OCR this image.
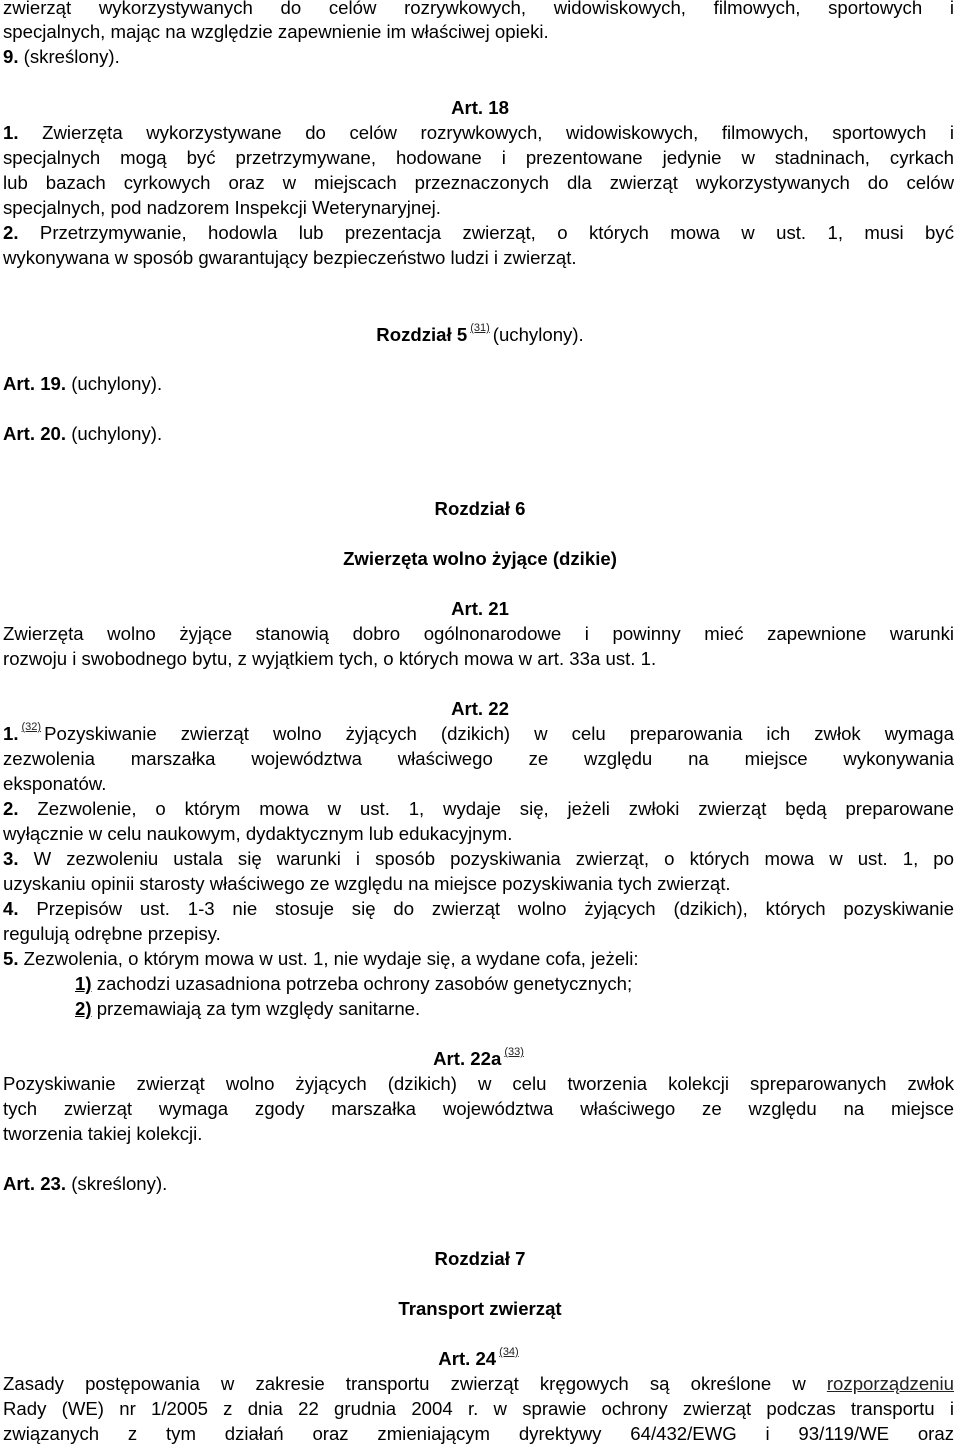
zwierząt wykorzystywanych do celów rozrywkowych, widowiskowych, filmowych, sportowych i
specjalnych, mając na względzie zapewnienie im właściwej opieki.
9. (skreślony).
Art. 18
1. Zwierzęta wykorzystywane do celów rozrywkowych, widowiskowych, filmowych, sportowych i
specjalnych mogą być przetrzymywane, hodowane i prezentowane jedynie w stadninach, cyrkach
lub bazach cyrkowych oraz w miejscach przeznaczonych dla zwierząt wykorzystywanych do celów
specjalnych, pod nadzorem Inspekcji Weterynaryjnej.
2. Przetrzymywanie, hodowla lub prezentacja zwierząt, o których mowa w ust. 1, musi być
wykonywana w sposób gwarantujący bezpieczeństwo ludzi i zwierząt.
Rozdział 5 $^{(31)}$ (uchylony).
Art. 19. (uchylony).
Art. 20. (uchylony).
Rozdział 6
Zwierzęta wolno żyjące (dzikie)
Art. 21
Zwierzęta wolno żyjące stanowią dobro ogólnonarodowe i powinny mieć zapewnione warunki
rozwoju i swobodnego bytu, z wyjątkiem tych, o których mowa w art. 33a ust. 1.
Art. 22
1. $^{(32)}$ Pozyskiwanie zwierząt wolno żyjących (dzikich) w celu preparowania ich zwłok wymaga
zezwolenia marszałka województwa właściwego ze względu na miejsce wykonywania
eksponatów.
2. Zezwolenie, o którym mowa w ust. 1, wydaje się, jeżeli zwłoki zwierząt będą preparowane
wyłącznie w celu naukowym, dydaktycznym lub edukacyjnym.
3. W zezwoleniu ustala się warunki i sposób pozyskiwania zwierząt, o których mowa w ust. 1, po
uzyskaniu opinii starosty właściwego ze względu na miejsce pozyskiwania tych zwierząt.
4. Przepisów ust. 1-3 nie stosuje się do zwierząt wolno żyjących (dzikich), których pozyskiwanie
regulują odrębne przepisy.
5. Zezwolenia, o którym mowa w ust. 1, nie wydaje się, a wydane cofa, jeżeli:
1) zachodzi uzasadniona potrzeba ochrony zasobów genetycznych;
2) przemawiają za tym względy sanitarne.
Art. 22a $^{(33)}$
Pozyskiwanie zwierząt wolno żyjących (dzikich) w celu tworzenia kolekcji spreparowanych zwłok
tych zwierząt wymaga zgody marszałka województwa właściwego ze względu na miejsce
tworzenia takiej kolekcji.
Art. 23. (skreślony).
Rozdział 7
Transport zwierząt
Art. 24 $^{(34)}$
Zasady postępowania w zakresie transportu zwierząt kręgowych są określone w rozporządzeniu
Rady (WE) nr 1/2005 z dnia 22 grudnia 2004 r. w sprawie ochrony zwierząt podczas transportu i
związanych z tym działań oraz zmieniającym dyrektywy 64/432/EWG i 93/119/WE oraz
